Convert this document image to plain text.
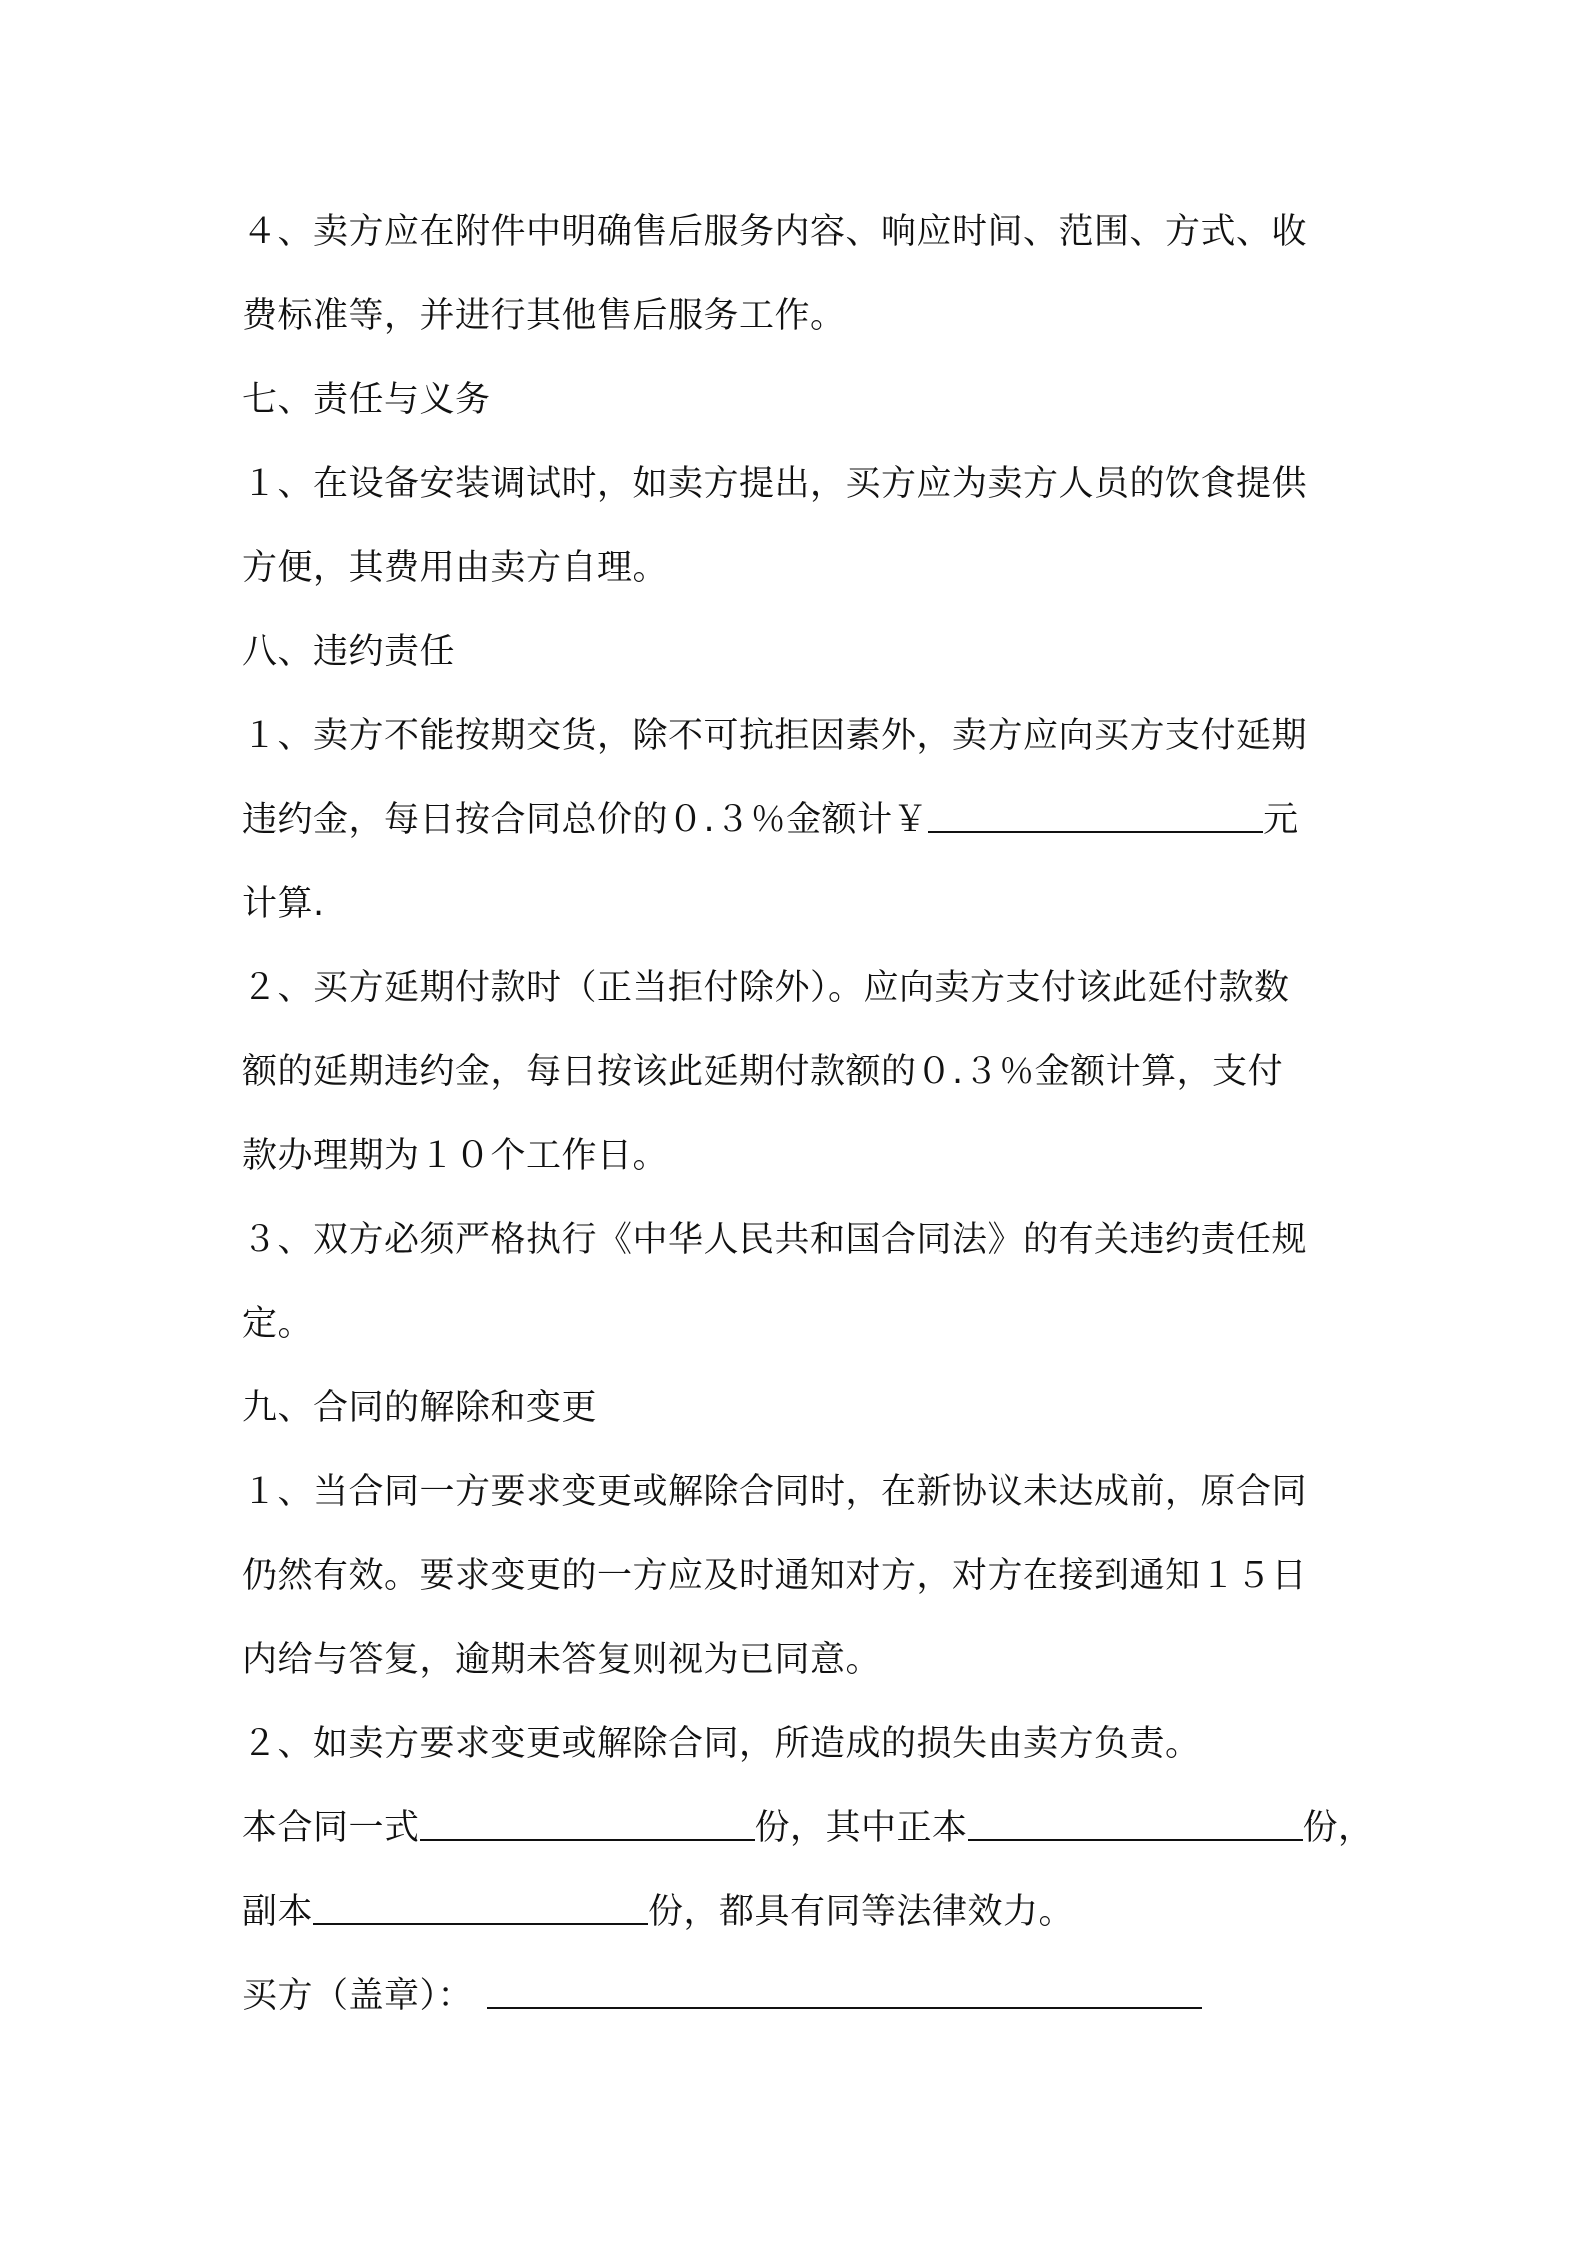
４、卖方应在附件中明确售后服务内容、响应时间、范围、方式、收
费标准等，并进行其他售后服务工作。
七、责任与义务
１、在设备安装调试时，如卖方提出，买方应为卖方人员的饮食提供
方便，其费用由卖方自理。
八、违约责任
１、卖方不能按期交货，除不可抗拒因素外，卖方应向买方支付延期
违约金，每日按合同总价的０.３％金额计￥	元
计算.
２、买方延期付款时（正当拒付除外）。应向卖方支付该此延付款数
额的延期违约金，每日按该此延期付款额的０.３％金额计算，支付
款办理期为１０个工作日。
３、双方必须严格执行《中华人民共和国合同法》的有关违约责任规
定。
九、合同的解除和变更
１、当合同一方要求变更或解除合同时，在新协议未达成前，原合同
仍然有效。要求变更的一方应及时通知对方，对方在接到通知１５日
内给与答复，逾期未答复则视为已同意。
２、如卖方要求变更或解除合同，所造成的损失由卖方负责。
本合同一式	份，其中正本	份，
副本	份，都具有同等法律效力。
买方（盖章）：
